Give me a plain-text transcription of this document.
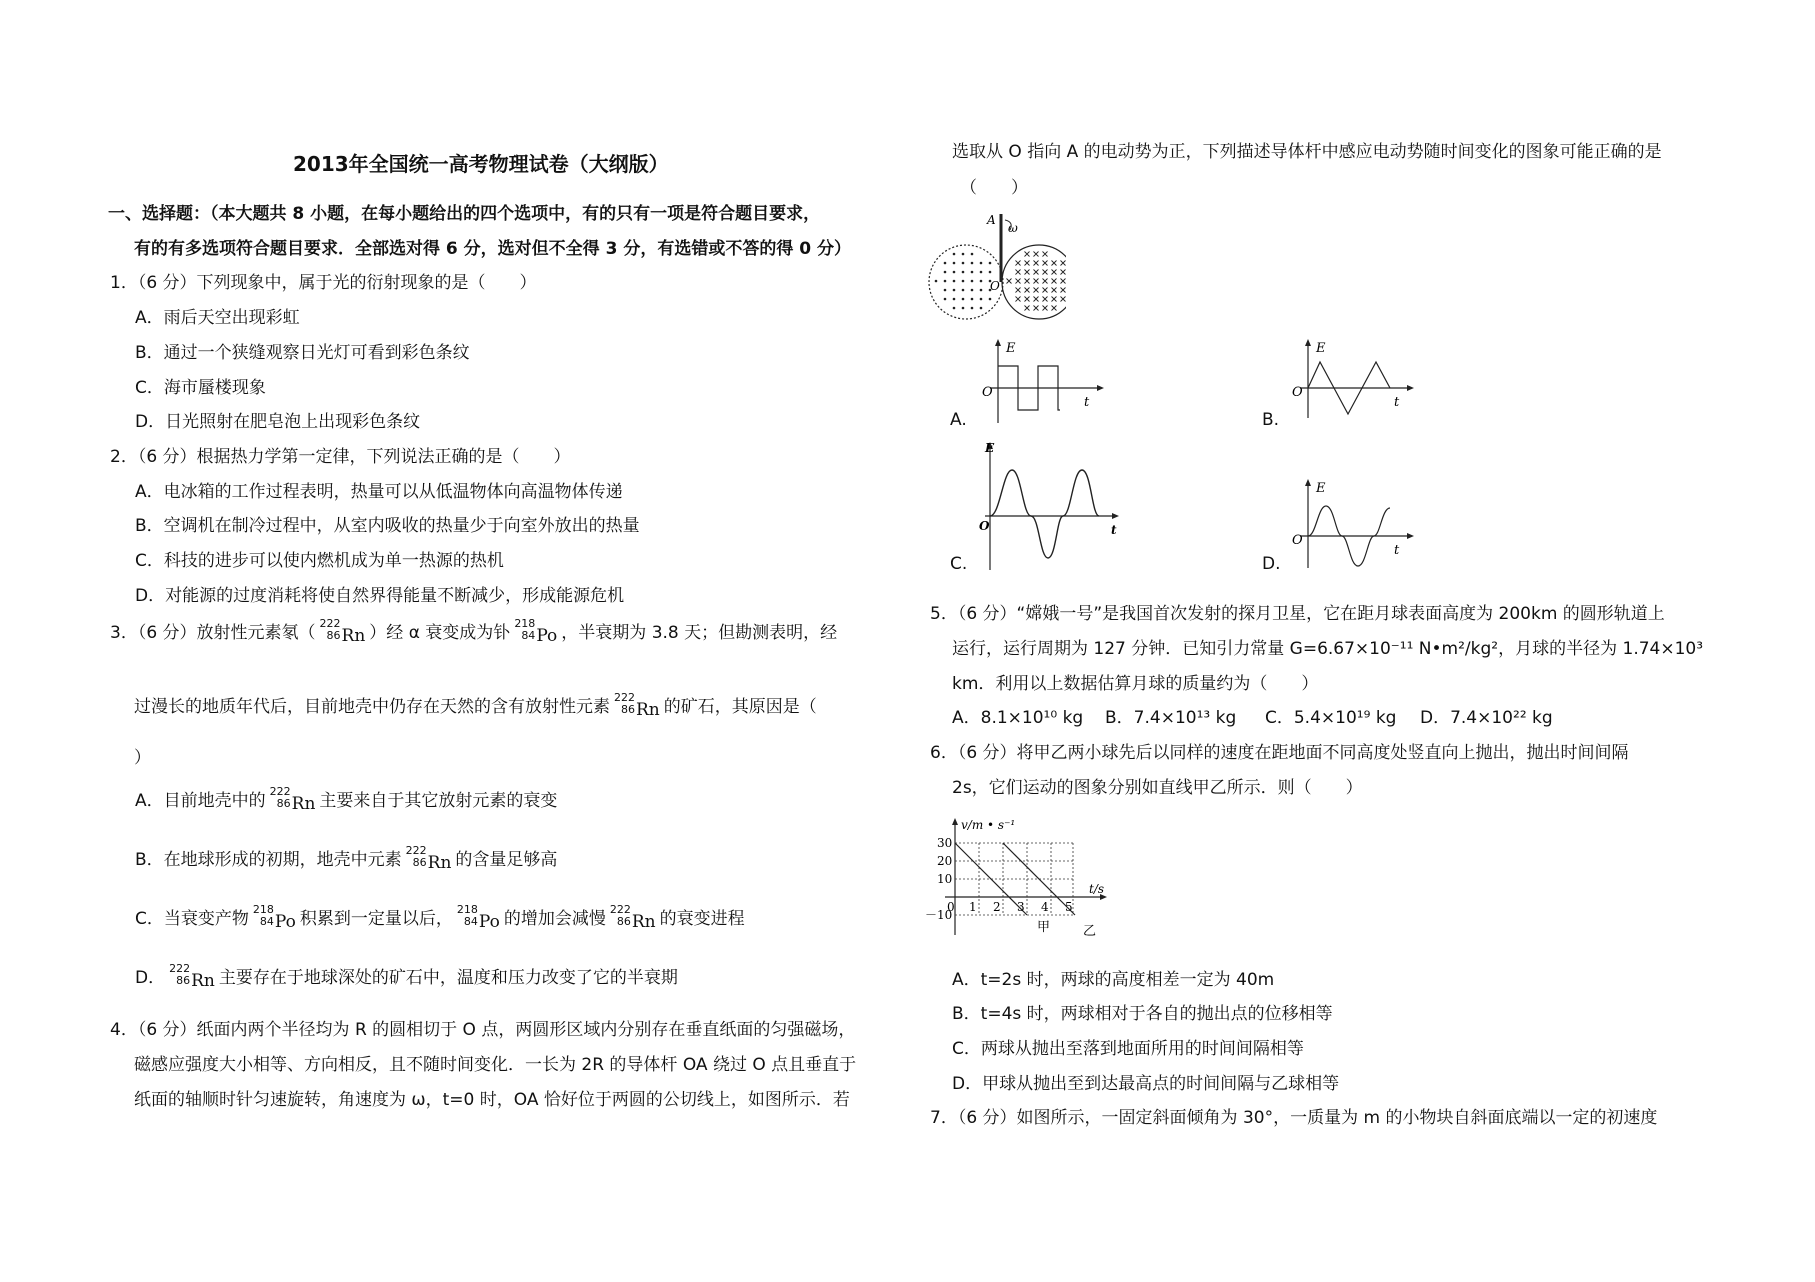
2013年全国统一高考物理试卷（大纲版）
一、选择题：（本大题共 8 小题，在每小题给出的四个选项中，有的只有一项是符合题目要求，
有的有多选项符合题目要求．全部选对得 6 分，选对但不全得 3 分，有选错或不答的得 0 分）
1．（6 分）下列现象中，属于光的衍射现象的是（　　）
A．雨后天空出现彩虹
B．通过一个狭缝观察日光灯可看到彩色条纹
C．海市蜃楼现象
D．日光照射在肥皂泡上出现彩色条纹
2．（6 分）根据热力学第一定律，下列说法正确的是（　　）
A．电冰箱的工作过程表明，热量可以从低温物体向高温物体传递
B．空调机在制冷过程中，从室内吸收的热量少于向室外放出的热量
C．科技的进步可以使内燃机成为单一热源的热机
D．对能源的过度消耗将使自然界得能量不断减少，形成能源危机
3．（6 分）放射性元素氡（ 222
86Rn ）经 α 衰变成为钋 218
84Po ，半衰期为 3.8 天；但勘测表明，经
过漫长的地质年代后，目前地壳中仍存在天然的含有放射性元素 222
86Rn 的矿石，其原因是（
）
A．目前地壳中的 222
86Rn 主要来自于其它放射元素的衰变
B．在地球形成的初期，地壳中元素 222
86Rn 的含量足够高
C．当衰变产物 218
84Po 积累到一定量以后， 218
84Po 的增加会减慢 222
86Rn 的衰变进程
D． 222
86Rn 主要存在于地球深处的矿石中，温度和压力改变了它的半衰期
4．（6 分）纸面内两个半径均为 R 的圆相切于 O 点，两圆形区域内分别存在垂直纸面的匀强磁场，
磁感应强度大小相等、方向相反，且不随时间变化．一长为 2R 的导体杆 OA 绕过 O 点且垂直于
纸面的轴顺时针匀速旋转，角速度为 ω，t=0 时，OA 恰好位于两圆的公切线上，如图所示．若
选取从 O 指向 A 的电动势为正，下列描述导体杆中感应电动势随时间变化的图象可能正确的是
（　　）
A
O
ω
E
O
t
A.
E
O
t
B.
E
O	t
C.
E
O
t
D.
5．（6 分）“嫦娥一号”是我国首次发射的探月卫星，它在距月球表面高度为 200km 的圆形轨道上
运行，运行周期为 127 分钟．已知引力常量 G=6.67×10⁻¹¹ N•m²/kg²，月球的半径为 1.74×10³
km．利用以上数据估算月球的质量约为（　　）
A．8.1×10¹⁰ kg B．7.4×10¹³ kg C．5.4×10¹⁹ kg D．7.4×10²² kg
6．（6 分）将甲乙两小球先后以同样的速度在距地面不同高度处竖直向上抛出，抛出时间间隔
2s，它们运动的图象分别如直线甲乙所示．则（　　）
v/m • s⁻¹
t/s
30
20
10
0
－10
1 2 3 4 5
甲	乙
A．t=2s 时，两球的高度相差一定为 40m
B．t=4s 时，两球相对于各自的抛出点的位移相等
C．两球从抛出至落到地面所用的时间间隔相等
D．甲球从抛出至到达最高点的时间间隔与乙球相等
7．（6 分）如图所示，一固定斜面倾角为 30°，一质量为 m 的小物块自斜面底端以一定的初速度
